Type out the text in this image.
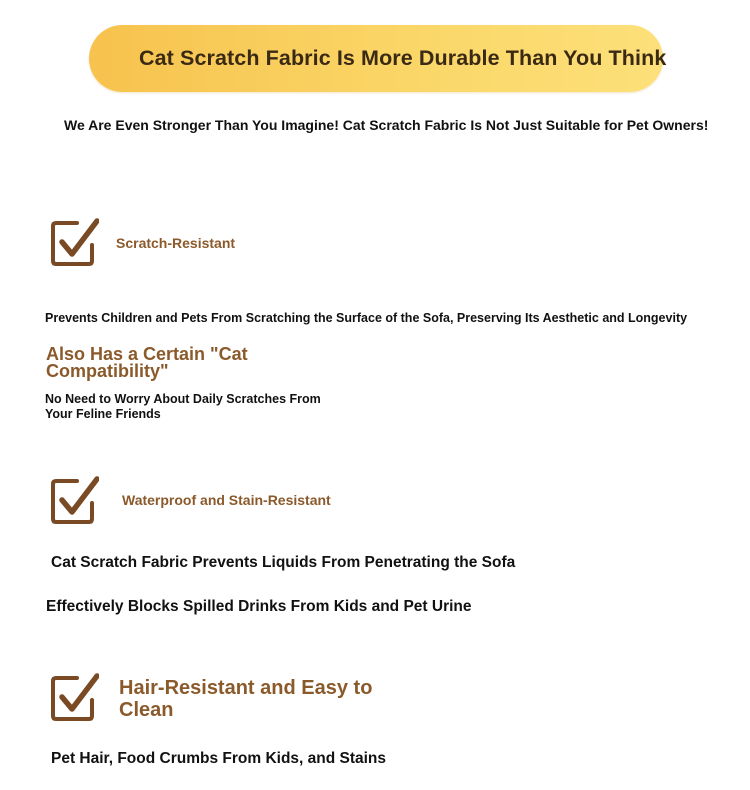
Cat Scratch Fabric Is More Durable Than You Think
We Are Even Stronger Than You Imagine! Cat Scratch Fabric Is Not Just Suitable for Pet Owners!
Scratch-Resistant
Prevents Children and Pets From Scratching the Surface of the Sofa, Preserving Its Aesthetic and Longevity
Also Has a Certain "Cat
Compatibility"
No Need to Worry About Daily Scratches From
Your Feline Friends
Waterproof and Stain-Resistant
Cat Scratch Fabric Prevents Liquids From Penetrating the Sofa
Effectively Blocks Spilled Drinks From Kids and Pet Urine
Hair-Resistant and Easy to
Clean
Pet Hair, Food Crumbs From Kids, and Stains
